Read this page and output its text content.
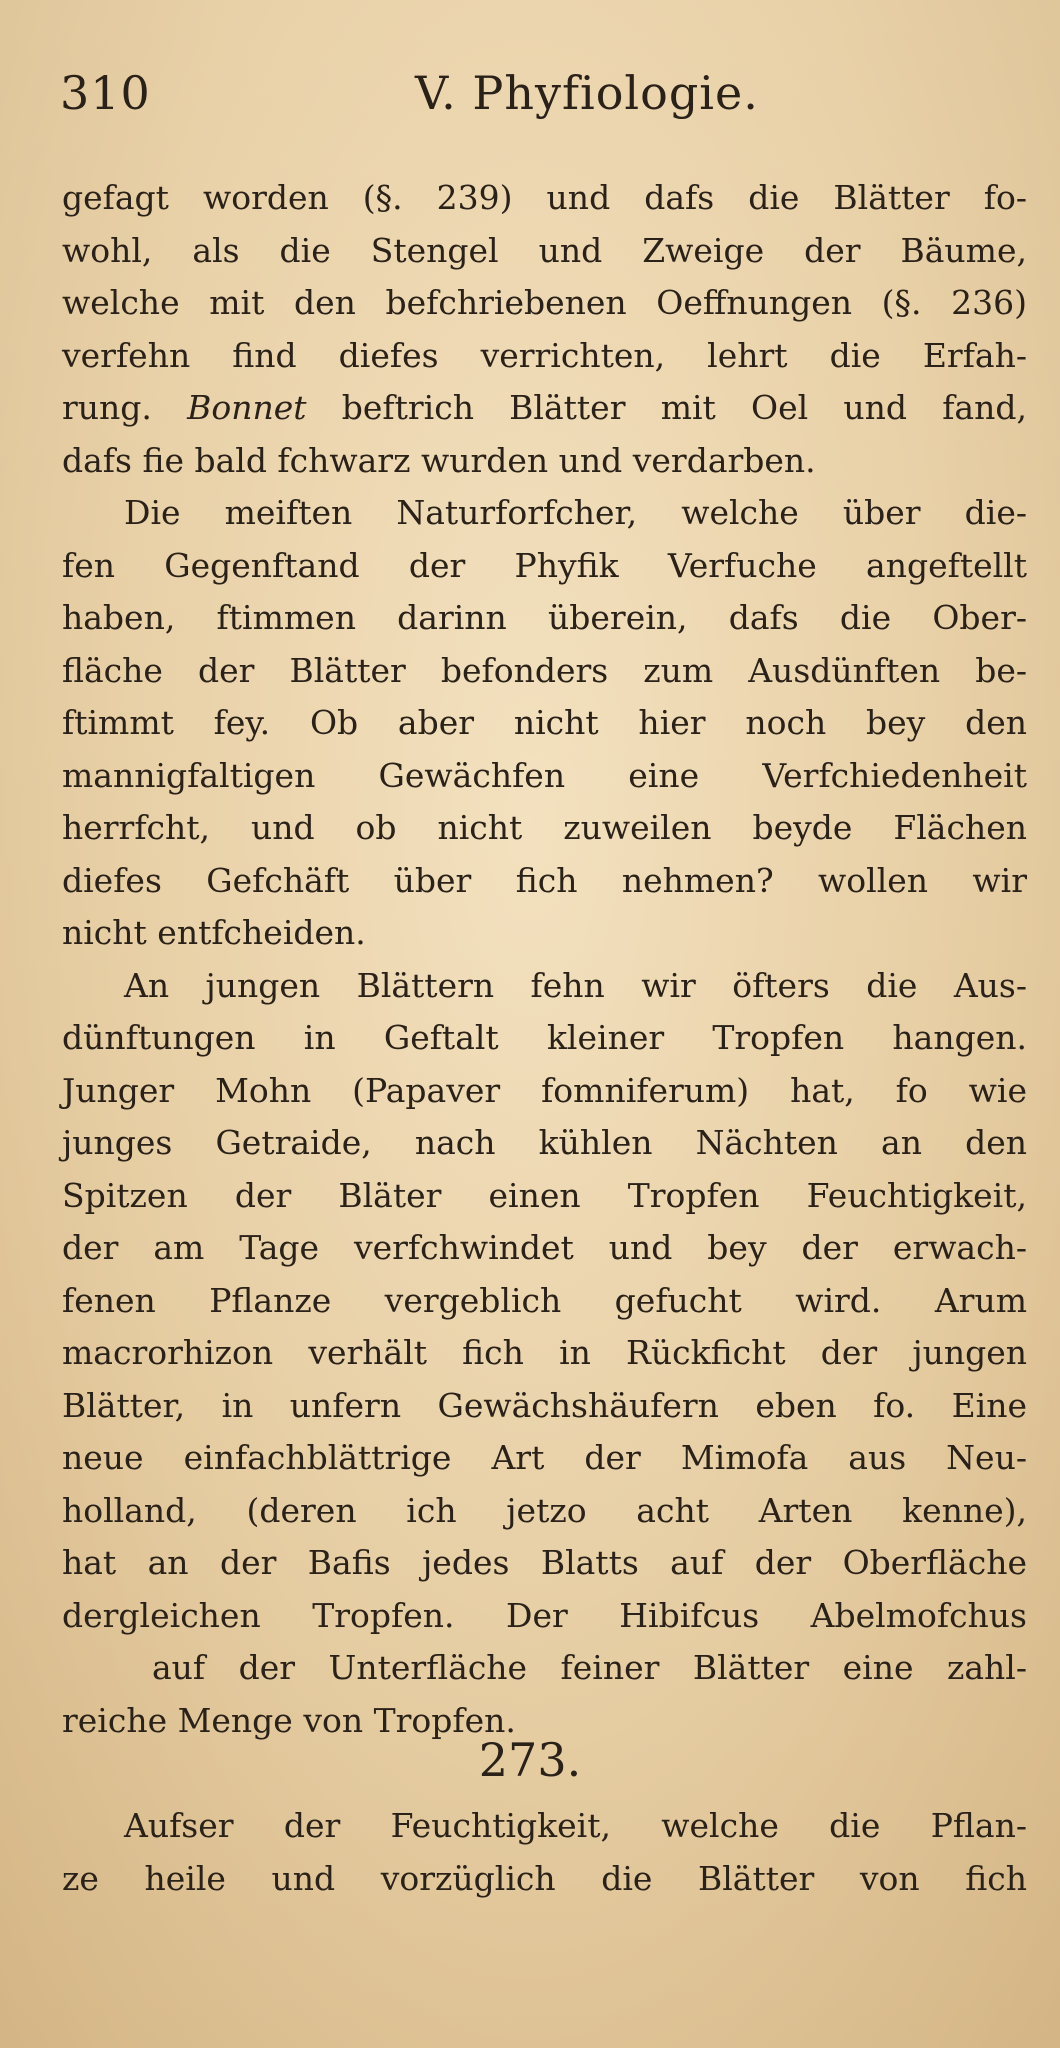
310	V. Phyfiologie.
gefagt worden (§. 239) und dafs die Blätter fo-
wohl, als die Stengel und Zweige der Bäume,
welche mit den befchriebenen Oeffnungen (§. 236)
verfehn find diefes verrichten, lehrt die Erfah-
rung. Bonnet beftrich Blätter mit Oel und fand,
dafs fie bald fchwarz wurden und verdarben.
Die meiften Naturforfcher, welche über die-
fen Gegenftand der Phyfik Verfuche angeftellt
haben, ftimmen darinn überein, dafs die Ober-
fläche der Blätter befonders zum Ausdünften be-
ftimmt fey. Ob aber nicht hier noch bey den
mannigfaltigen Gewächfen eine Verfchiedenheit
herrfcht, und ob nicht zuweilen beyde Flächen
diefes Gefchäft über fich nehmen? wollen wir
nicht entfcheiden.
An jungen Blättern fehn wir öfters die Aus-
dünftungen in Geftalt kleiner Tropfen hangen.
Junger Mohn (Papaver fomniferum) hat, fo wie
junges Getraide, nach kühlen Nächten an den
Spitzen der Bläter einen Tropfen Feuchtigkeit,
der am Tage verfchwindet und bey der erwach-
fenen Pflanze vergeblich gefucht wird. Arum
macrorhizon verhält fich in Rückficht der jungen
Blätter, in unfern Gewächshäufern eben fo. Eine
neue einfachblättrige Art der Mimofa aus Neu-
holland, (deren ich jetzo acht Arten kenne),
hat an der Bafis jedes Blatts auf der Oberfläche
dergleichen Tropfen. Der Hibifcus Abelmofchus
auf der Unterfläche feiner Blätter eine zahl-
reiche Menge von Tropfen.
273.
Aufser der Feuchtigkeit, welche die Pflan-
ze heile und vorzüglich die Blätter von fich
